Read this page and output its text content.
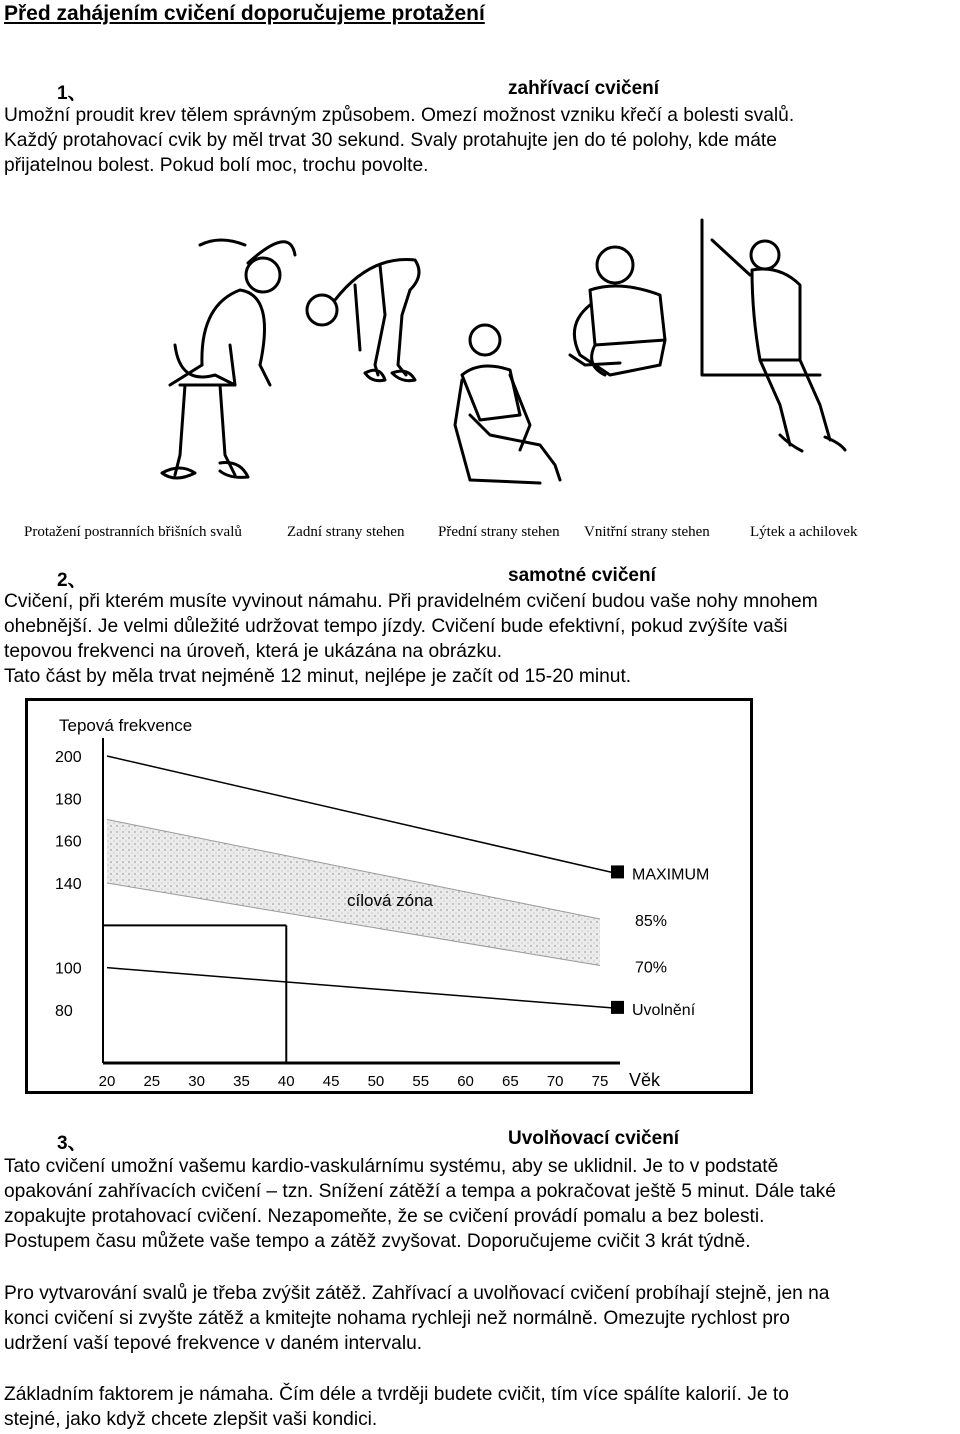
Před zahájením cvičení doporučujeme protažení
1、	zahřívací cvičení

Umožní proudit krev tělem správným způsobem. Omezí možnost vzniku křečí a bolesti svalů.

Každý protahovací cvik by měl trvat 30 sekund. Svaly protahujte jen do té polohy, kde máte

přijatelnou bolest. Pokud bolí moc, trochu povolte.

Protažení postranních břišních svalů	Zadní strany stehen Přední strany stehen Vnitřní strany stehen	Lýtek a achilovek
2、	samotné cvičení

Cvičení, při kterém musíte vyvinout námahu. Při pravidelném cvičení budou vaše nohy mnohem

ohebnější. Je velmi důležité udržovat tempo jízdy. Cvičení bude efektivní, pokud zvýšíte vaši

tepovou frekvenci na úroveň, která je ukázána na obrázku.

Tato část by měla trvat nejméně 12 minut, nejlépe je začít od 15-20 minut.

200
180
160
140
100
80
20 25 30 35 40 45 50 55 60 65 70 75
Tepová frekvence
Věk
cílová zóna
MAXIMUM
85%
70%
Uvolnění
3、	Uvolňovací cvičení

Tato cvičení umožní vašemu kardio-vaskulárnímu systému, aby se uklidnil. Je to v podstatě

opakování zahřívacích cvičení – tzn. Snížení zátěží a tempa a pokračovat ještě 5 minut. Dále také

zopakujte protahovací cvičení. Nezapomeňte, že se cvičení provádí pomalu a bez bolesti.

Postupem času můžete vaše tempo a zátěž zvyšovat. Doporučujeme cvičit 3 krát týdně.

Pro vytvarování svalů je třeba zvýšit zátěž. Zahřívací a uvolňovací cvičení probíhají stejně, jen na

konci cvičení si zvyšte zátěž a kmitejte nohama rychleji než normálně. Omezujte rychlost pro

udržení vaší tepové frekvence v daném intervalu.

Základním faktorem je námaha. Čím déle a tvrději budete cvičit, tím více spálíte kalorií. Je to

stejné, jako když chcete zlepšit vaši kondici.
